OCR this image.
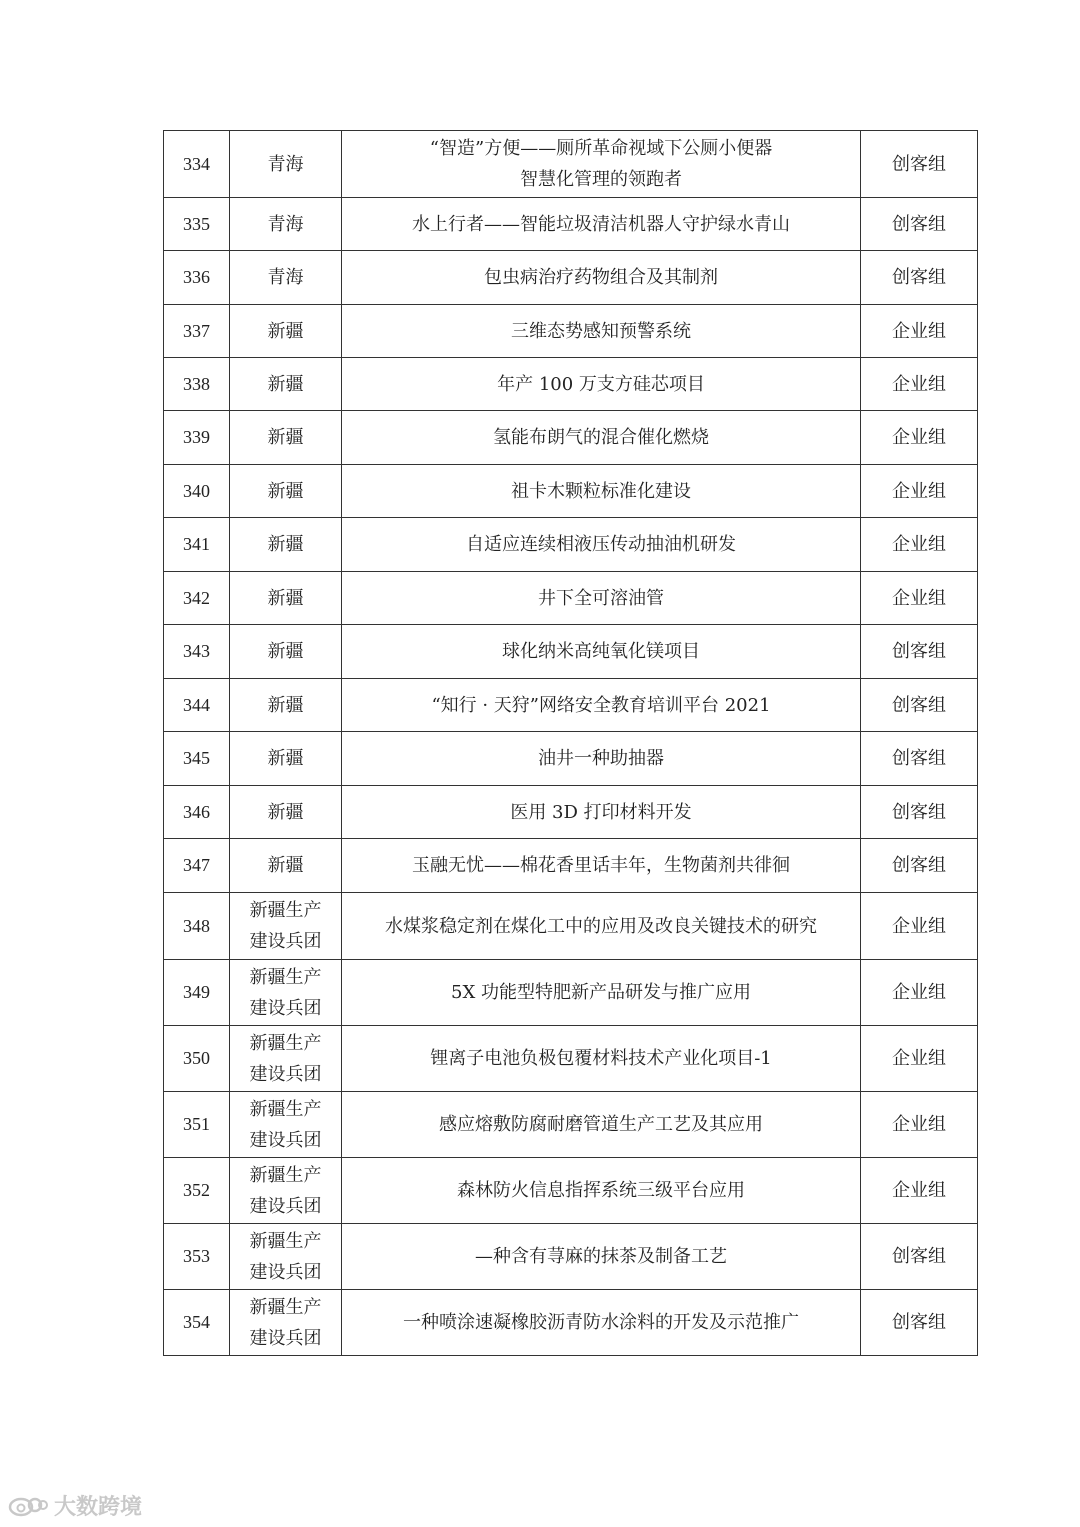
334	青海	“智造”方便——厕所革命视域下公厕小便器
智慧化管理的领跑者	创客组
335	青海	水上行者——智能垃圾清洁机器人守护绿水青山	创客组
336	青海	包虫病治疗药物组合及其制剂	创客组
337	新疆	三维态势感知预警系统	企业组
338	新疆	年产 100 万支方硅芯项目	企业组
339	新疆	氢能布朗气的混合催化燃烧	企业组
340	新疆	祖卡木颗粒标准化建设	企业组
341	新疆	自适应连续相液压传动抽油机研发	企业组
342	新疆	井下全可溶油管	企业组
343	新疆	球化纳米高纯氧化镁项目	创客组
344	新疆	“知行 · 天狩”网络安全教育培训平台 2021	创客组
345	新疆	油井一种助抽器	创客组
346	新疆	医用 3D 打印材料开发	创客组
347	新疆	玉融无忧——棉花香里话丰年，生物菌剂共徘徊	创客组
348	新疆生产
建设兵团	水煤浆稳定剂在煤化工中的应用及改良关键技术的研究	企业组
349	新疆生产
建设兵团	5X 功能型特肥新产品研发与推广应用	企业组
350	新疆生产
建设兵团	锂离子电池负极包覆材料技术产业化项目-1	企业组
351	新疆生产
建设兵团	感应熔敷防腐耐磨管道生产工艺及其应用	企业组
352	新疆生产
建设兵团	森林防火信息指挥系统三级平台应用	企业组
353	新疆生产
建设兵团	—种含有荨麻的抹茶及制备工艺	创客组
354	新疆生产
建设兵团	一种喷涂速凝橡胶沥青防水涂料的开发及示范推广	创客组
大数跨境
